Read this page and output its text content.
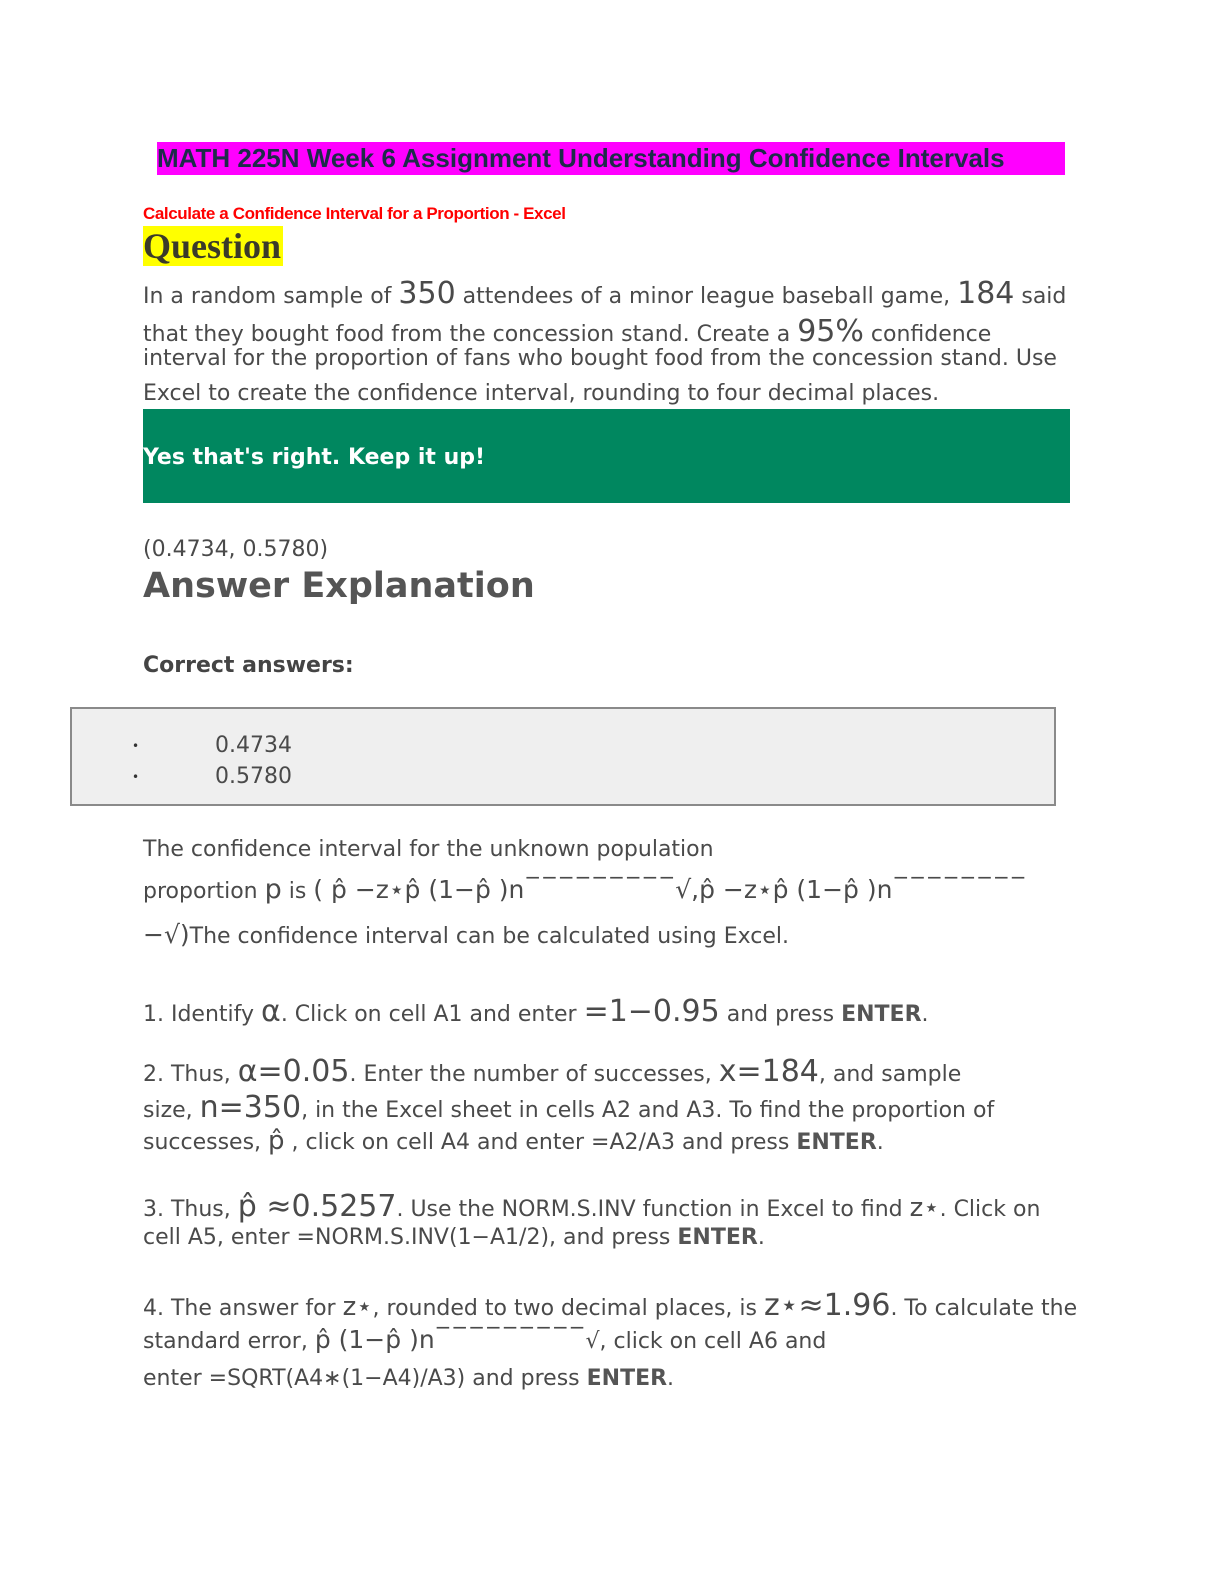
MATH 225N Week 6 Assignment Understanding Confidence Intervals
Calculate a Confidence Interval for a Proportion - Excel
Question
In a random sample of 350 attendees of a minor league baseball game, 184 said
that they bought food from the concession stand. Create a 95% confidence
interval for the proportion of fans who bought food from the concession stand. Use
Excel to create the confidence interval, rounding to four decimal places.
Yes that's right. Keep it up!
(0.4734, 0.5780)
Answer Explanation
Correct answers:
•	0.4734
•	0.5780
The confidence interval for the unknown population
proportion p is ( p̂ −z⋆p̂ (1−p̂ )n−−−−−−−−−√,p̂ −z⋆p̂ (1−p̂ )n−−−−−−−−
−√)The confidence interval can be calculated using Excel.
1. Identify α. Click on cell A1 and enter =1−0.95 and press ENTER.
2. Thus, α=0.05. Enter the number of successes, x=184, and sample
size, n=350, in the Excel sheet in cells A2 and A3. To find the proportion of
successes, p̂ , click on cell A4 and enter =A2/A3 and press ENTER.
3. Thus, p̂ ≈0.5257. Use the NORM.S.INV function in Excel to find z⋆. Click on
cell A5, enter =NORM.S.INV(1−A1/2), and press ENTER.
4. The answer for z⋆, rounded to two decimal places, is z⋆≈1.96. To calculate the
standard error, p̂ (1−p̂ )n−−−−−−−−−√, click on cell A6 and
enter =SQRT(A4∗(1−A4)/A3) and press ENTER.
